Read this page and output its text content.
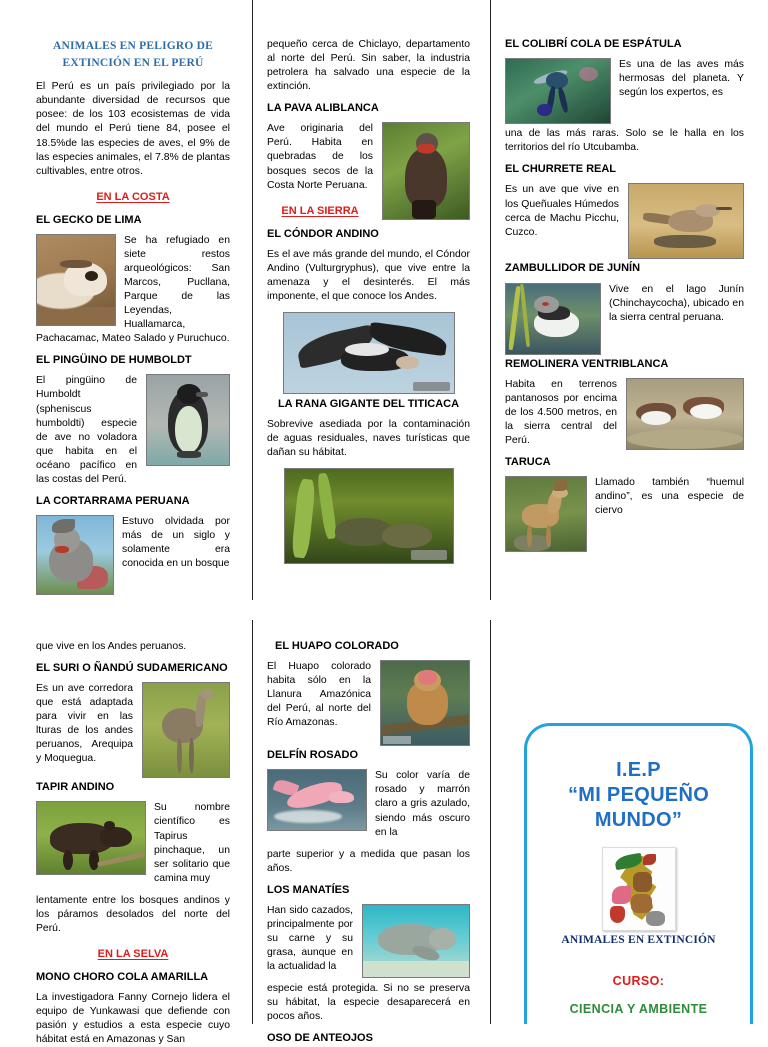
ANIMALES EN PELIGRO DE
EXTINCIÓN EN EL PERÚ

El Perú es un país privilegiado por la abundante diversidad de recursos que posee: de los 103 ecosistemas de vida del mundo el Perú tiene 84, posee el 18.5%de las especies de aves, el 9% de las especies animales, el 7.8% de plantas cultivables, entre otros.

EN LA COSTA
EL GECKO DE LIMA

Se ha refugiado en siete restos arqueológicos: San Marcos, Pucllana, Parque de las Leyendas, Huallamarca, Pachacamac, Mateo Salado y Puruchuco.

EL PINGÜINO DE HUMBOLDT

El pingüino de Humboldt (spheniscus humboldti) especie de ave no voladora que habita en el océano pacífico en las costas del Perú.

LA CORTARRAMA PERUANA

Estuvo olvidada por más de un siglo y solamente era conocida en un bosque

pequeño cerca de Chiclayo, departamento al norte del Perú. Sin saber, la industria petrolera ha salvado una especie de la extinción.

LA PAVA ALIBLANCA

Ave originaria del Perú. Habita en quebradas de los bosques secos de la Costa Norte Peruana.

EN LA SIERRA
EL CÓNDOR ANDINO

Es el ave más grande del mundo, el Cóndor Andino (Vulturgryphus), que vive entre la amenaza y el desinterés. El más imponente, el que conoce los Andes.

LA RANA GIGANTE DEL TITICACA

Sobrevive asediada por la contaminación de aguas residuales, naves turísticas que dañan su hábitat.

EL COLIBRÍ COLA DE ESPÁTULA

Es una de las aves más hermosas del planeta. Y según los expertos, es

una de las más raras. Solo se le halla en los territorios del río Utcubamba.

EL CHURRETE REAL

Es un ave que vive en los Queñuales Húmedos cerca de Machu Picchu, Cuzco.

ZAMBULLIDOR DE JUNÍN

Vive en el lago Junín (Chinchaycocha), ubicado en la sierra central peruana.

REMOLINERA VENTRIBLANCA

Habita en terrenos pantanosos por encima de los 4.500 metros, en la sierra central del Perú.

TARUCA

Llamado también “huemul andino”, es una especie de ciervo

que vive en los Andes peruanos.

EL SURI O ÑANDÚ SUDAMERICANO

Es un ave corredora que está adaptada para vivir en las lturas de los andes peruanos, Arequipa y Moquegua.

TAPIR ANDINO

Su nombre científico es Tapirus pinchaque, un ser solitario que camina muy

lentamente entre los bosques andinos y los páramos desolados del norte del Perú.

EN LA SELVA
MONO CHORO COLA AMARILLA

La investigadora Fanny Cornejo lidera el equipo de Yunkawasi que defiende con pasión y estudios a esta especie cuyo hábitat está en Amazonas y San

EL HUAPO COLORADO

El Huapo colorado habita sólo en la Llanura Amazónica del Perú, al norte del Río Amazonas.

DELFÍN ROSADO

Su color varía de rosado y marrón claro a gris azulado, siendo más oscuro en la

parte superior y a medida que pasan los años.

LOS MANATÍES

Han sido cazados, principalmente por su carne y su grasa, aunque en la actualidad la

especie está protegida. Si no se preserva su hábitat, la especie desaparecerá en pocos años.

OSO DE ANTEOJOS
I.E.P
“MI PEQUEÑO
MUNDO”
ANIMALES EN EXTINCIÓN
CURSO:
CIENCIA Y AMBIENTE
